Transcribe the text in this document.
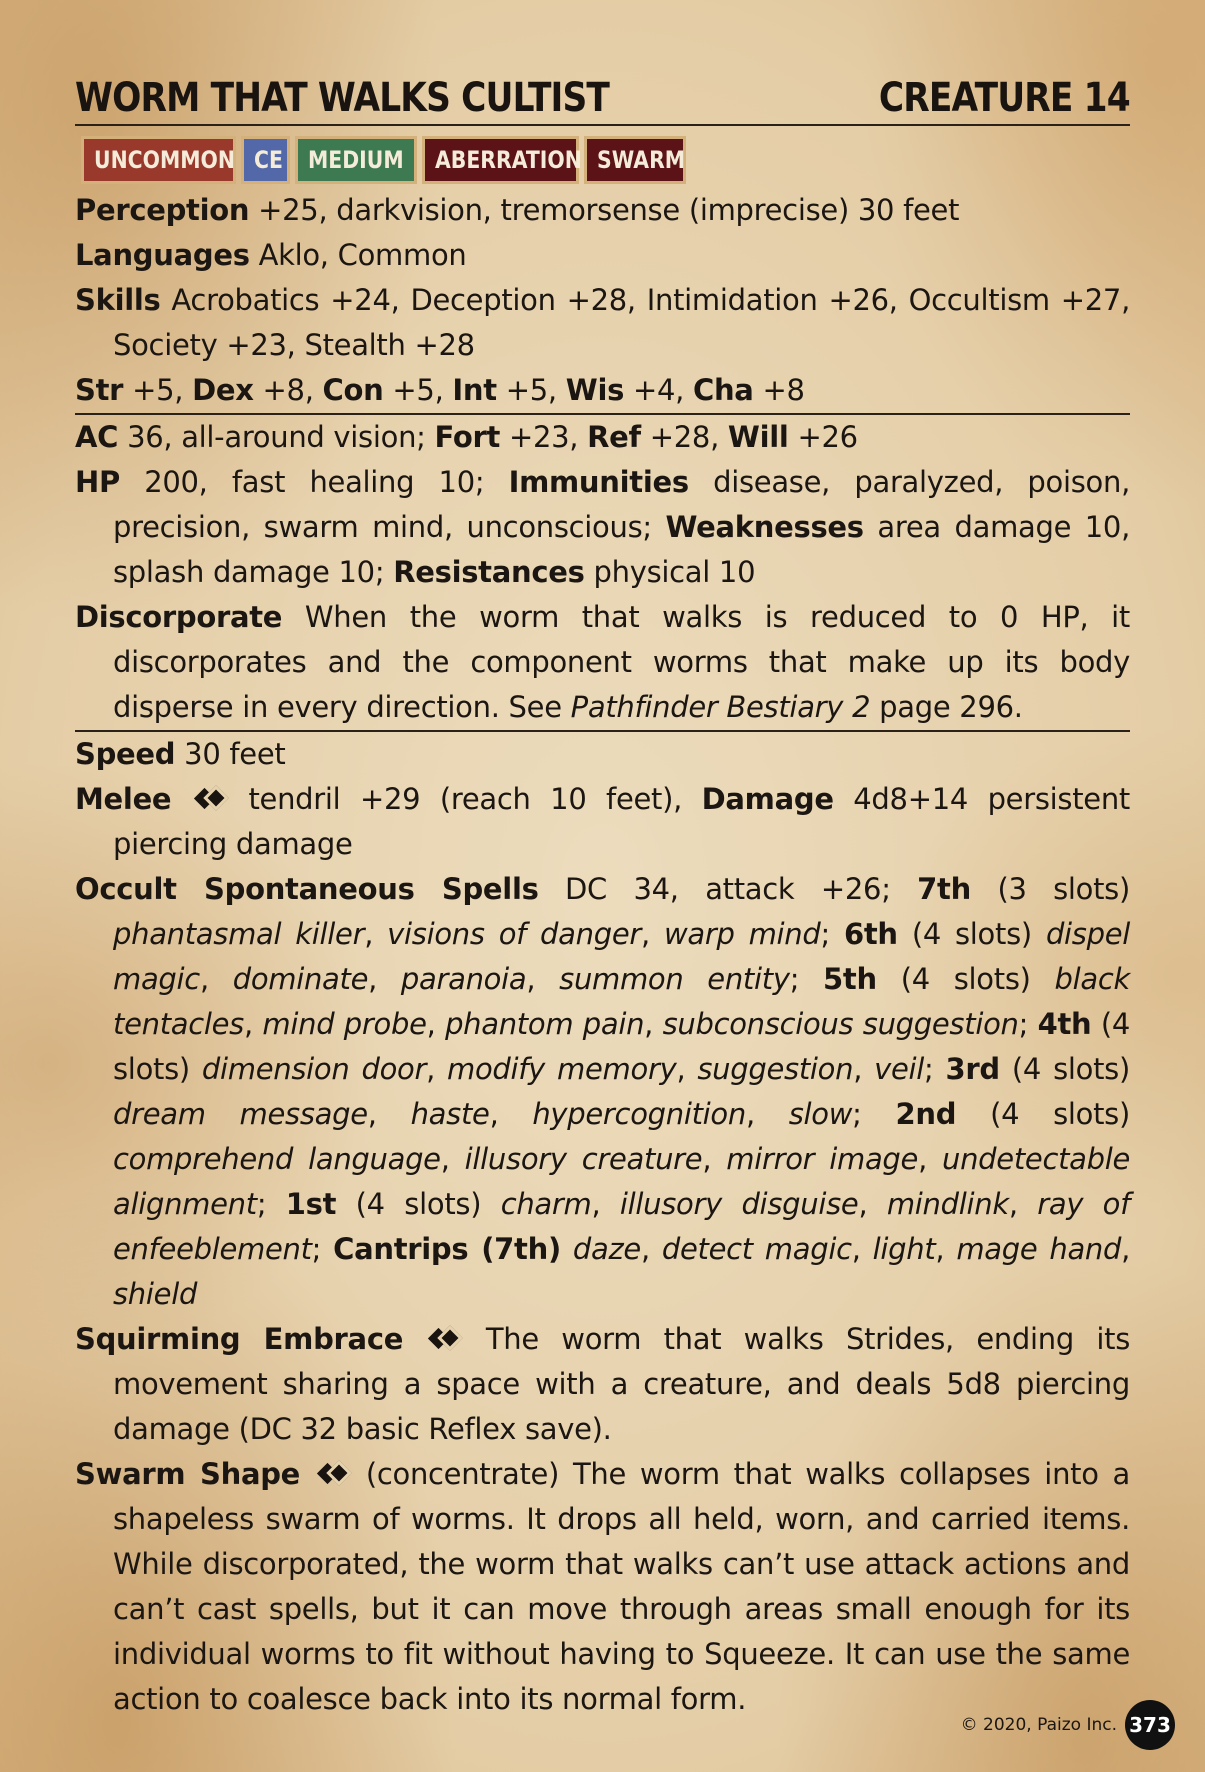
WORM THAT WALKS CULTIST	CREATURE 14
UNCOMMON CE	MEDIUM	ABERRATION SWARM
Perception +25, darkvision, tremorsense (imprecise) 30 feet
Languages Aklo, Common
Skills Acrobatics +24, Deception +28, Intimidation +26, Occultism +27, Society +23, Stealth +28
Str +5, Dex +8, Con +5, Int +5, Wis +4, Cha +8
AC 36, all-around vision; Fort +23, Ref +28, Will +26
HP 200, fast healing 10; Immunities disease, paralyzed, poison, precision, swarm mind, unconscious; Weaknesses area damage 10, splash damage 10; Resistances physical 10
Discorporate When the worm that walks is reduced to 0 HP, it discorporates and the component worms that make up its body disperse in every direction. See Pathfinder Bestiary 2 page 296.
Speed 30 feet
Melee	tendril +29 (reach 10 feet), Damage 4d8+14 persistent piercing damage
Occult Spontaneous Spells DC 34, attack +26; 7th (3 slots) phantasmal killer, visions of danger, warp mind; 6th (4 slots) dispel magic, dominate, paranoia, summon entity; 5th (4 slots) black tentacles, mind probe, phantom pain, subconscious suggestion; 4th (4 slots) dimension door, modify memory, suggestion, veil; 3rd (4 slots) dream message, haste, hypercognition, slow; 2nd (4 slots) comprehend language, illusory creature, mirror image, undetectable alignment; 1st (4 slots) charm, illusory disguise, mindlink, ray of enfeeblement; Cantrips (7th) daze, detect magic, light, mage hand, shield
Squirming Embrace	The worm that walks Strides, ending its movement sharing a space with a creature, and deals 5d8 piercing damage (DC 32 basic Reflex save).
Swarm Shape (concentrate) The worm that walks collapses into a shapeless swarm of worms. It drops all held, worn, and carried items. While discorporated, the worm that walks can’t use attack actions and can’t cast spells, but it can move through areas small enough for its individual worms to fit without having to Squeeze. It can use the same action to coalesce back into its normal form.
© 2020, Paizo Inc. 373
